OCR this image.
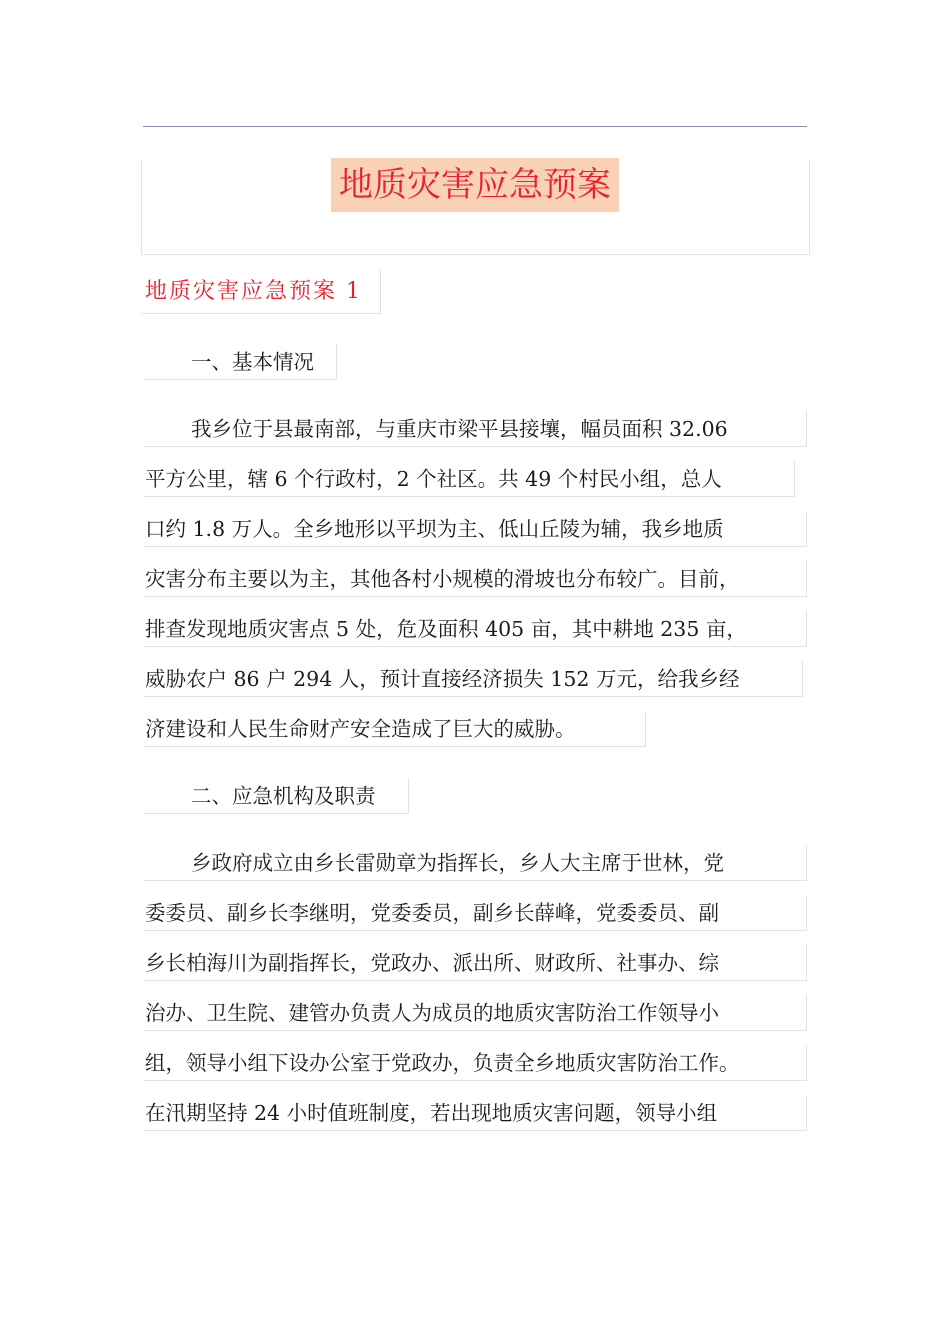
地质灾害应急预案
地质灾害应急预案 1
一、基本情况
我乡位于县最南部，与重庆市梁平县接壤，幅员面积 32.06
平方公里，辖 6 个行政村，2 个社区。共 49 个村民小组，总人
口约 1.8 万人。全乡地形以平坝为主、低山丘陵为辅，我乡地质
灾害分布主要以为主，其他各村小规模的滑坡也分布较广。目前，
排查发现地质灾害点 5 处，危及面积 405 亩，其中耕地 235 亩，
威胁农户 86 户 294 人，预计直接经济损失 152 万元，给我乡经
济建设和人民生命财产安全造成了巨大的威胁。
二、应急机构及职责
乡政府成立由乡长雷勋章为指挥长，乡人大主席于世林，党
委委员、副乡长李继明，党委委员，副乡长薛峰，党委委员、副
乡长柏海川为副指挥长，党政办、派出所、财政所、社事办、综
治办、卫生院、建管办负责人为成员的地质灾害防治工作领导小
组，领导小组下设办公室于党政办，负责全乡地质灾害防治工作。
在汛期坚持 24 小时值班制度，若出现地质灾害问题，领导小组
